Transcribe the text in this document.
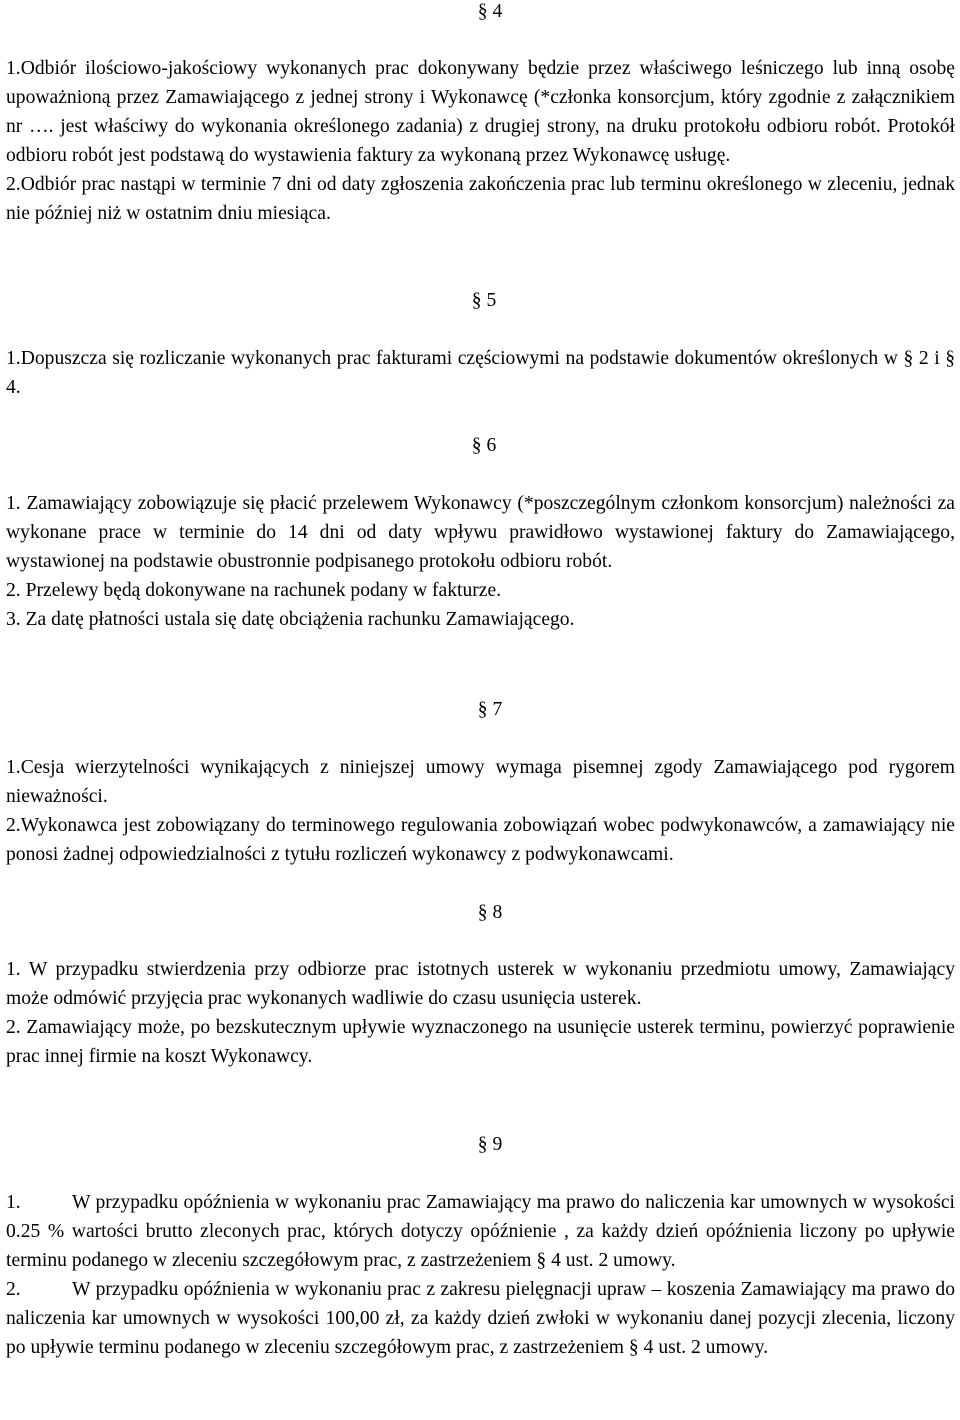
§ 4

1.Odbiór ilościowo-jakościowy wykonanych prac dokonywany będzie przez właściwego leśniczego lub inną osobę upoważnioną przez Zamawiającego z jednej strony i Wykonawcę (*członka konsorcjum, który zgodnie z załącznikiem nr …. jest właściwy do wykonania określonego zadania) z drugiej strony, na druku protokołu odbioru robót. Protokół odbioru robót jest podstawą do wystawienia faktury za wykonaną przez Wykonawcę usługę.

2.Odbiór prac nastąpi w terminie 7 dni od daty zgłoszenia zakończenia prac lub terminu określonego w zleceniu, jednak nie później niż w ostatnim dniu miesiąca.

§ 5

1.Dopuszcza się rozliczanie wykonanych prac fakturami częściowymi na podstawie dokumentów określonych w § 2 i § 4.

§ 6

1. Zamawiający zobowiązuje się płacić przelewem Wykonawcy (*poszczególnym członkom konsorcjum) należności za wykonane prace w terminie do 14 dni od daty wpływu prawidłowo wystawionej faktury do Zamawiającego, wystawionej na podstawie obustronnie podpisanego protokołu odbioru robót.

2. Przelewy będą dokonywane na rachunek podany w fakturze.

3. Za datę płatności ustala się datę obciążenia rachunku Zamawiającego.

§ 7

1.Cesja wierzytelności wynikających z niniejszej umowy wymaga pisemnej zgody Zamawiającego pod rygorem nieważności.

2.Wykonawca jest zobowiązany do terminowego regulowania zobowiązań wobec podwykonawców, a zamawiający nie ponosi żadnej odpowiedzialności z tytułu rozliczeń wykonawcy z podwykonawcami.

§ 8

1. W przypadku stwierdzenia przy odbiorze prac istotnych usterek w wykonaniu przedmiotu umowy, Zamawiający może odmówić przyjęcia prac wykonanych wadliwie do czasu usunięcia usterek.

2. Zamawiający może, po bezskutecznym upływie wyznaczonego na usunięcie usterek terminu, powierzyć poprawienie prac innej firmie na koszt Wykonawcy.

§ 9

1.	W przypadku opóźnienia w wykonaniu prac Zamawiający ma prawo do naliczenia kar umownych w wysokości 0.25 % wartości brutto zleconych prac, których dotyczy opóźnienie , za każdy dzień opóźnienia liczony po upływie terminu podanego w zleceniu szczegółowym prac, z zastrzeżeniem § 4 ust. 2 umowy.

2.	W przypadku opóźnienia w wykonaniu prac z zakresu pielęgnacji upraw – koszenia Zamawiający ma prawo do naliczenia kar umownych w wysokości 100,00 zł, za każdy dzień zwłoki w wykonaniu danej pozycji zlecenia, liczony po upływie terminu podanego w zleceniu szczegółowym prac, z zastrzeżeniem § 4 ust. 2 umowy.
